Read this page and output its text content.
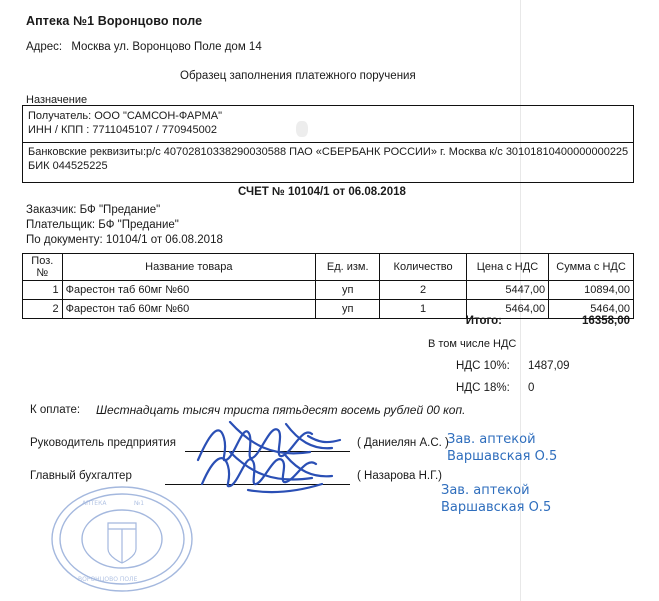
Аптека №1 Воронцово поле
Адрес: Москва ул. Воронцово Поле дом 14
Образец заполнения платежного поручения
Назначение
Получатель: ООО "САМСОН-ФАРМА"
ИНН / КПП : 7711045107 / 770945002
Банковские реквизиты:р/с 40702810338290030588 ПАО «СБЕРБАНК РОССИИ» г. Москва к/с 30101810400000000225
БИК 044525225
СЧЕТ № 10104/1 от 06.08.2018
Заказчик: БФ "Предание"
Плательщик: БФ "Предание"
По документу: 10104/1 от 06.08.2018
Поз. №	Название товара	Ед. изм.	Количество	Цена с НДС	Сумма с НДС
1	Фарестон таб 60мг №60	уп	2	5447,00	10894,00
2	Фарестон таб 60мг №60	уп	1	5464,00	5464,00
Итого:	16358,00
В том числе НДС
НДС 10%: 1487,09
НДС 18%: 0
К оплате: Шестнадцать тысяч триста пятьдесят восемь рублей 00 коп.
Руководитель предприятия	( Даниелян А.С. )
Главный бухгалтер	( Назарова Н.Г.)
Зав. аптекой
Варшавская О.5
Зав. аптекой
Варшавская О.5
АПТЕКА	№1
ВОРОНЦОВО ПОЛЕ
